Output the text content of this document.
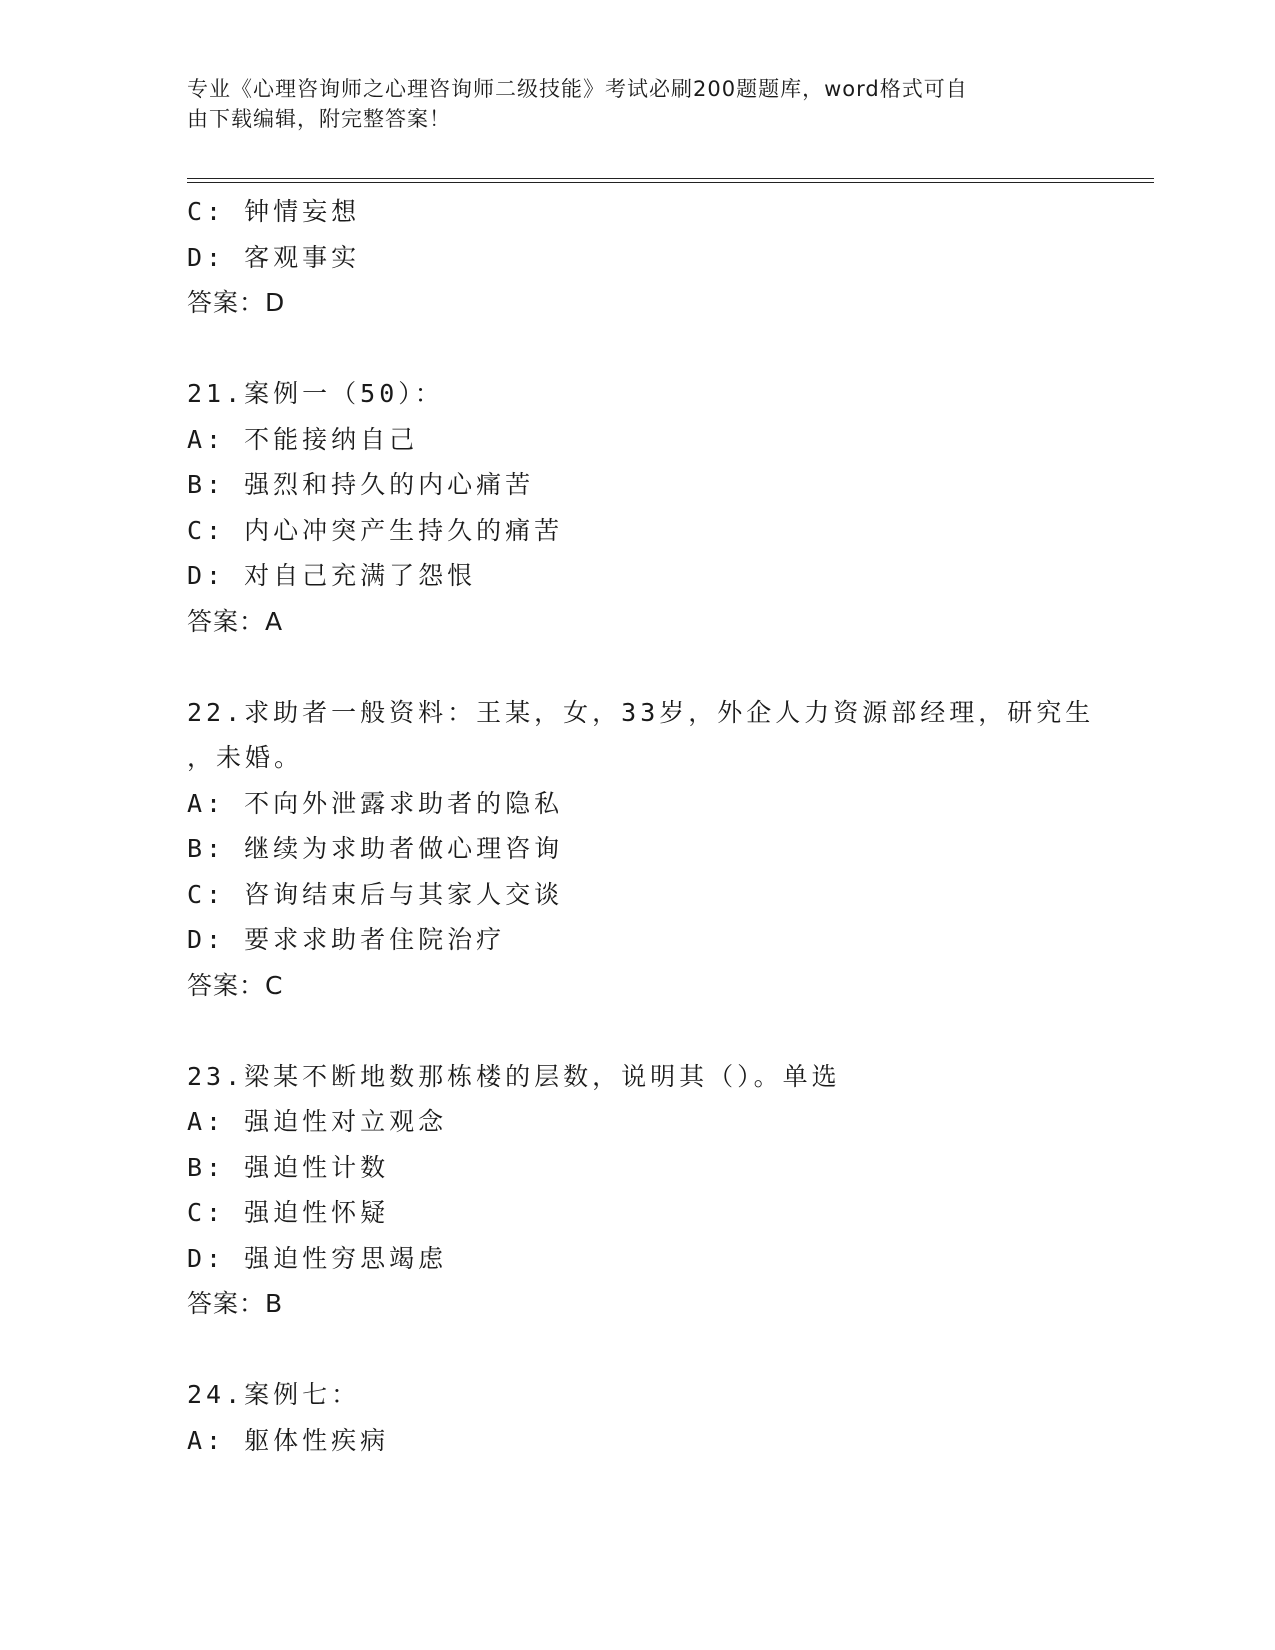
专业《心理咨询师之心理咨询师二级技能》考试必刷200题题库，word格式可自
由下载编辑，附完整答案！
C: 钟情妄想
D: 客观事实
答案：D
21.案例一（50）：
A: 不能接纳自己
B: 强烈和持久的内心痛苦
C: 内心冲突产生持久的痛苦
D: 对自己充满了怨恨
答案：A
22.求助者一般资料：王某，女，33岁，外企人力资源部经理，研究生
，未婚。
A: 不向外泄露求助者的隐私
B: 继续为求助者做心理咨询
C: 咨询结束后与其家人交谈
D: 要求求助者住院治疗
答案：C
23.梁某不断地数那栋楼的层数，说明其（）。单选
A: 强迫性对立观念
B: 强迫性计数
C: 强迫性怀疑
D: 强迫性穷思竭虑
答案：B
24.案例七：
A: 躯体性疾病
